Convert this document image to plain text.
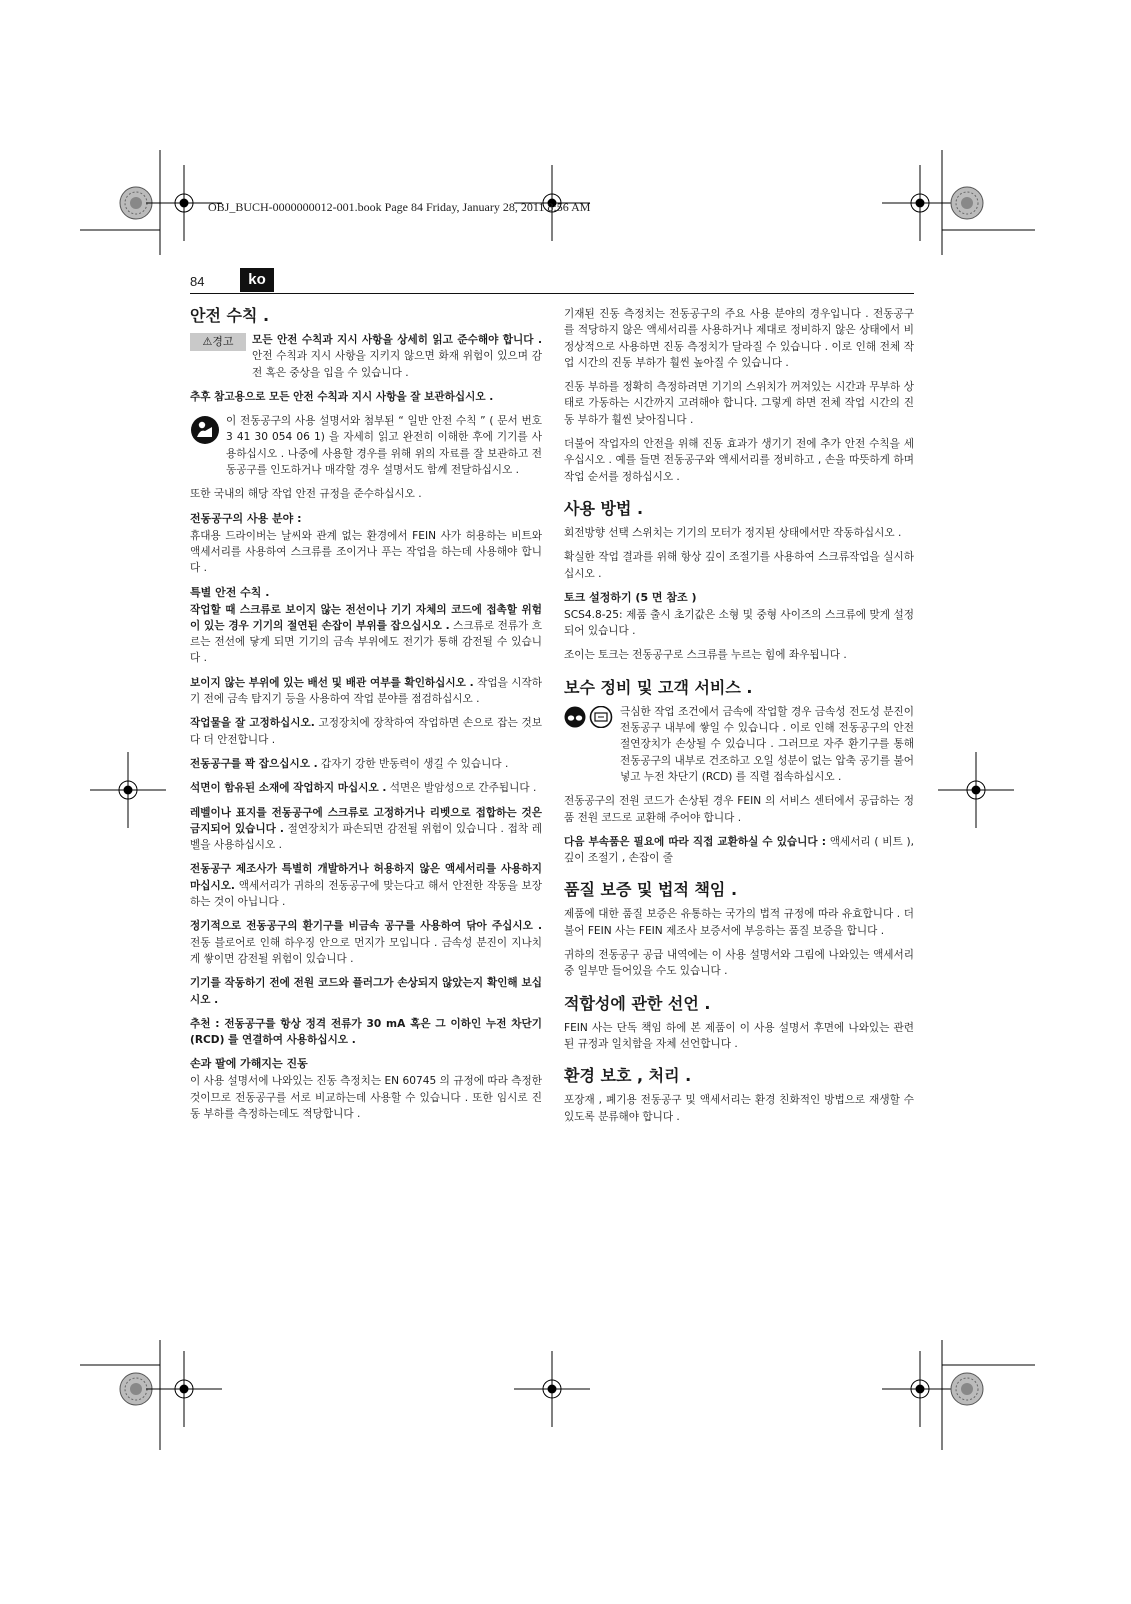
OBJ_BUCH-0000000012-001.book Page 84 Friday, January 28, 2011 8:56 AM
84	ko
안전 수칙 .
⚠경고	모든 안전 수칙과 지시 사항을 상세히 읽고 준수해야 합니다 . 안전 수칙과 지시 사항을 지키지 않으면 화재 위험이 있으며 감전 혹은 중상을 입을 수 있습니다 .

추후 참고용으로 모든 안전 수칙과 지시 사항을 잘 보관하십시오 .

이 전동공구의 사용 설명서와 첨부된 “ 일반 안전 수칙 ” ( 문서 번호 3 41 30 054 06 1) 을 자세히 읽고 완전히 이해한 후에 기기를 사용하십시오 . 나중에 사용할 경우를 위해 위의 자료를 잘 보관하고 전동공구를 인도하거나 매각할 경우 설명서도 함께 전달하십시오 .

또한 국내의 해당 작업 안전 규정을 준수하십시오 .

전동공구의 사용 분야 :

휴대용 드라이버는 날씨와 관계 없는 환경에서 FEIN 사가 허용하는 비트와 액세서리를 사용하여 스크류를 조이거나 푸는 작업을 하는데 사용해야 합니다 .

특별 안전 수칙 .

작업할 때 스크류로 보이지 않는 전선이나 기기 자체의 코드에 접촉할 위험이 있는 경우 기기의 절연된 손잡이 부위를 잡으십시오 . 스크류로 전류가 흐르는 전선에 닿게 되면 기기의 금속 부위에도 전기가 통해 감전될 수 있습니다 .

보이지 않는 부위에 있는 배선 및 배관 여부를 확인하십시오 . 작업을 시작하기 전에 금속 탐지기 등을 사용하여 작업 분야를 점검하십시오 .

작업물을 잘 고정하십시오. 고정장치에 장착하여 작업하면 손으로 잡는 것보다 더 안전합니다 .

전동공구를 꽉 잡으십시오 . 갑자기 강한 반동력이 생길 수 있습니다 .

석면이 함유된 소재에 작업하지 마십시오 . 석면은 발암성으로 간주됩니다 .

레벨이나 표지를 전동공구에 스크류로 고정하거나 리벳으로 접합하는 것은 금지되어 있습니다 . 절연장치가 파손되면 감전될 위험이 있습니다 . 접착 레벨을 사용하십시오 .

전동공구 제조사가 특별히 개발하거나 허용하지 않은 액세서리를 사용하지 마십시오. 액세서리가 귀하의 전동공구에 맞는다고 해서 안전한 작동을 보장하는 것이 아닙니다 .

정기적으로 전동공구의 환기구를 비금속 공구를 사용하여 닦아 주십시오 . 전동 블로어로 인해 하우징 안으로 먼지가 모입니다 . 금속성 분진이 지나치게 쌓이면 감전될 위험이 있습니다 .

기기를 작동하기 전에 전원 코드와 플러그가 손상되지 않았는지 확인해 보십시오 .

추천 : 전동공구를 항상 정격 전류가 30 mA 혹은 그 이하인 누전 차단기 (RCD) 를 연결하여 사용하십시오 .

손과 팔에 가해지는 진동

이 사용 설명서에 나와있는 진동 측정치는 EN 60745 의 규정에 따라 측정한 것이므로 전동공구를 서로 비교하는데 사용할 수 있습니다 . 또한 임시로 진동 부하를 측정하는데도 적당합니다 .

기재된 진동 측정치는 전동공구의 주요 사용 분야의 경우입니다 . 전동공구를 적당하지 않은 액세서리를 사용하거나 제대로 정비하지 않은 상태에서 비정상적으로 사용하면 진동 측정치가 달라질 수 있습니다 . 이로 인해 전체 작업 시간의 진동 부하가 훨씬 높아질 수 있습니다 .

진동 부하를 정확히 측정하려면 기기의 스위치가 꺼져있는 시간과 무부하 상태로 가동하는 시간까지 고려해야 합니다. 그렇게 하면 전체 작업 시간의 진동 부하가 훨씬 낮아집니다 .

더불어 작업자의 안전을 위해 진동 효과가 생기기 전에 추가 안전 수칙을 세우십시오 . 예를 들면 전동공구와 액세서리를 정비하고 , 손을 따뜻하게 하며 작업 순서를 정하십시오 .

사용 방법 .

회전방향 선택 스위치는 기기의 모터가 정지된 상태에서만 작동하십시오 .

확실한 작업 결과를 위해 항상 깊이 조절기를 사용하여 스크류작업을 실시하십시오 .

토크 설정하기 (5 면 참조 )

SCS4.8-25: 제품 출시 초기값은 소형 및 중형 사이즈의 스크류에 맞게 설정되어 있습니다 .

조이는 토크는 전동공구로 스크류를 누르는 힘에 좌우됩니다 .

보수 정비 및 고객 서비스 .

극심한 작업 조건에서 금속에 작업할 경우 금속성 전도성 분진이 전동공구 내부에 쌓일 수 있습니다 . 이로 인해 전동공구의 안전 절연장치가 손상될 수 있습니다 . 그러므로 자주 환기구를 통해 전동공구의 내부로 건조하고 오일 성분이 없는 압축 공기를 불어 넣고 누전 차단기 (RCD) 를 직렬 접속하십시오 .

전동공구의 전원 코드가 손상된 경우 FEIN 의 서비스 센터에서 공급하는 정품 전원 코드로 교환해 주어야 합니다 .

다음 부속품은 필요에 따라 직접 교환하실 수 있습니다 : 액세서리 ( 비트 ), 깊이 조절기 , 손잡이 줄

품질 보증 및 법적 책임 .

제품에 대한 품질 보증은 유통하는 국가의 법적 규정에 따라 유효합니다 . 더불어 FEIN 사는 FEIN 제조사 보증서에 부응하는 품질 보증을 합니다 .

귀하의 전동공구 공급 내역에는 이 사용 설명서와 그림에 나와있는 액세서리 중 일부만 들어있을 수도 있습니다 .

적합성에 관한 선언 .

FEIN 사는 단독 책임 하에 본 제품이 이 사용 설명서 후면에 나와있는 관련된 규정과 일치함을 자체 선언합니다 .

환경 보호 , 처리 .

포장재 , 폐기용 전동공구 및 액세서리는 환경 친화적인 방법으로 재생할 수 있도록 분류해야 합니다 .
